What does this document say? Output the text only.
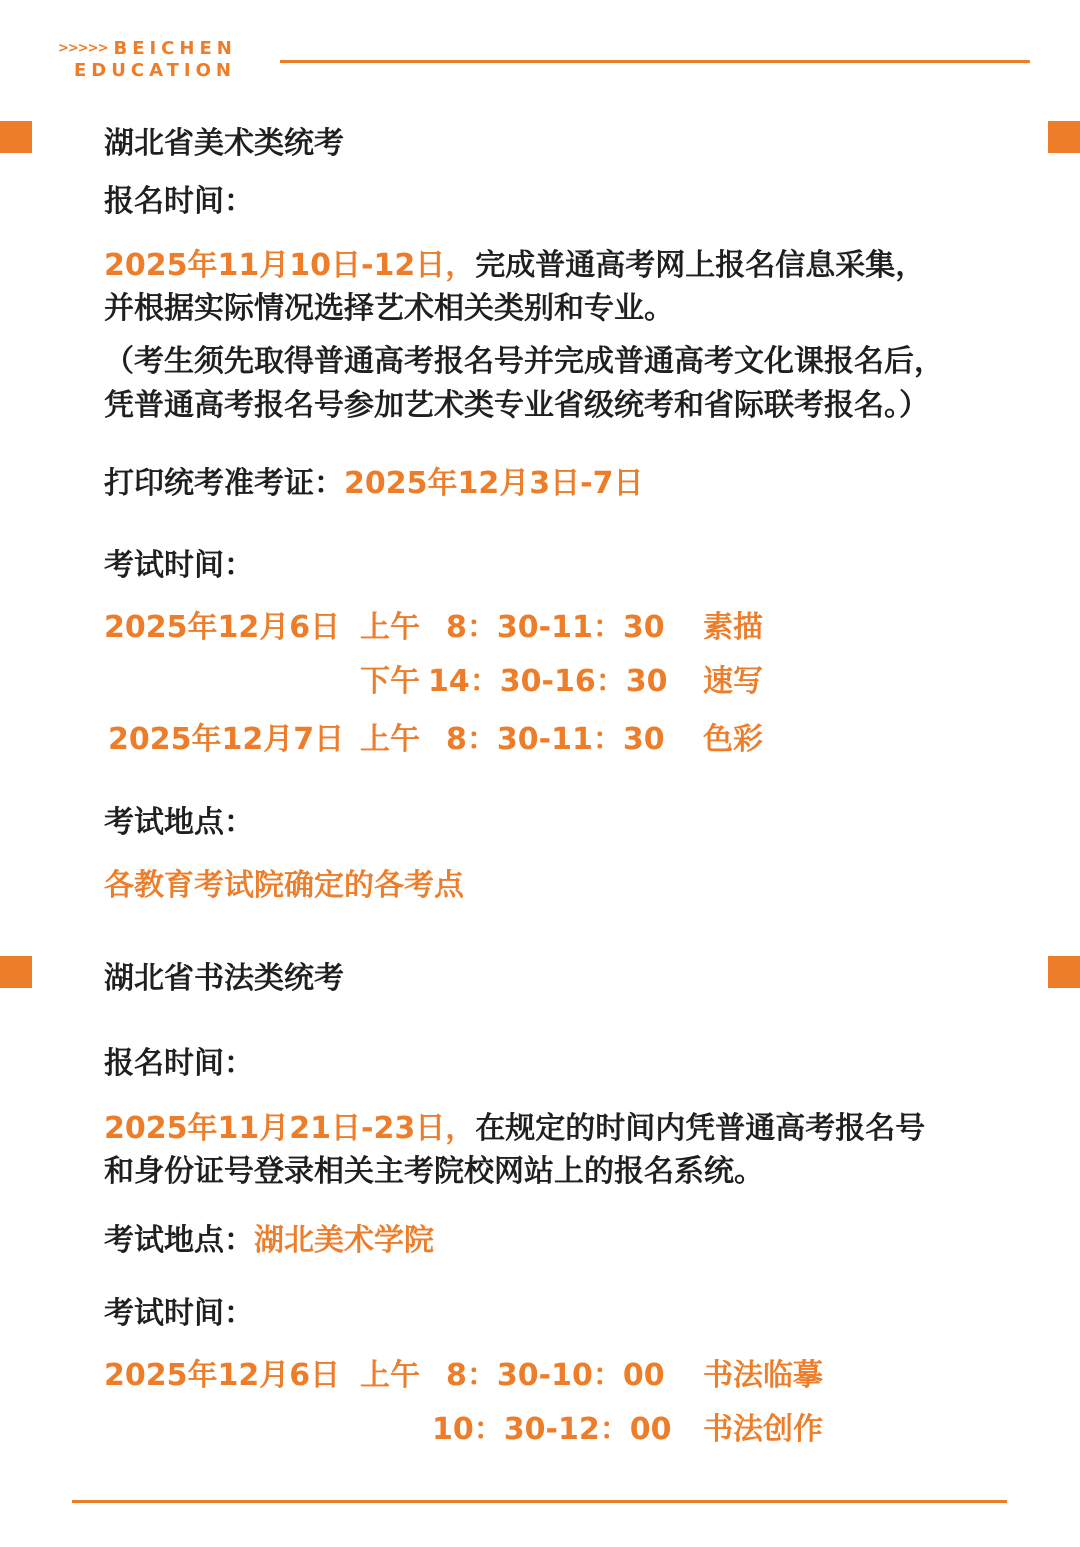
>>>>> BEICHEN
EDUCATION
湖北省美术类统考
报名时间：
2025年11月10日-12日，完成普通高考网上报名信息采集，
并根据实际情况选择艺术相关类别和专业。
（考生须先取得普通高考报名号并完成普通高考文化课报名后，
凭普通高考报名号参加艺术类专业省级统考和省际联考报名。）
打印统考准考证：2025年12月3日-7日
考试时间：
2025年12月6日 上午 8：30-11：30 素描
下午 14：30-16：30 速写
2025年12月7日 上午 8：30-11：30 色彩
考试地点：
各教育考试院确定的各考点
湖北省书法类统考
报名时间：
2025年11月21日-23日，在规定的时间内凭普通高考报名号
和身份证号登录相关主考院校网站上的报名系统。
考试地点：湖北美术学院
考试时间：
2025年12月6日 上午 8：30-10：00 书法临摹
10：30-12：00 书法创作
